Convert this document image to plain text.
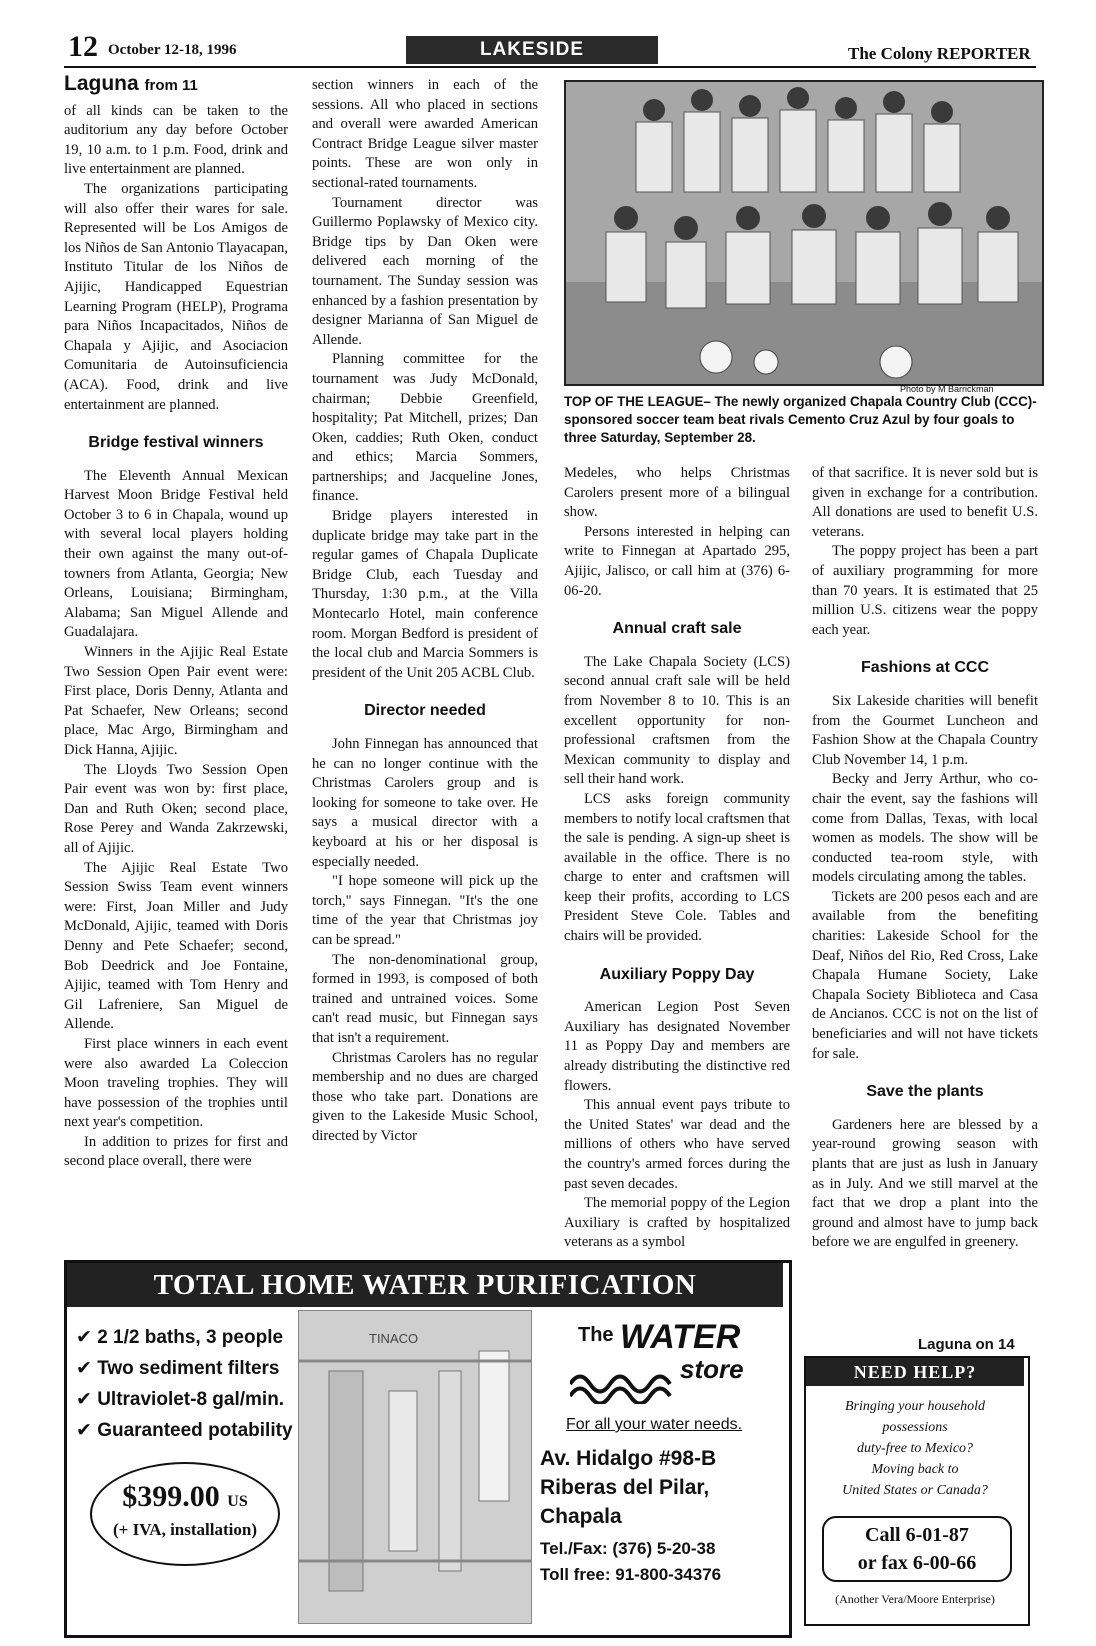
12 October 12-18, 1996	LAKESIDE	The Colony REPORTER
Laguna from 11

of all kinds can be taken to the auditorium any day before October 19, 10 a.m. to 1 p.m. Food, drink and live entertainment are planned.

The organizations participating will also offer their wares for sale. Represented will be Los Amigos de los Niños de San Antonio Tlayacapan, Instituto Titular de los Niños de Ajijic, Handicapped Equestrian Learning Program (HELP), Programa para Niños Incapacitados, Niños de Chapala y Ajijic, and Asociacion Comunitaria de Autoinsuficiencia (ACA). Food, drink and live entertainment are planned.

Bridge festival winners

The Eleventh Annual Mexican Harvest Moon Bridge Festival held October 3 to 6 in Chapala, wound up with several local players holding their own against the many out-of-towners from Atlanta, Georgia; New Orleans, Louisiana; Birmingham, Alabama; San Miguel Allende and Guadalajara.

Winners in the Ajijic Real Estate Two Session Open Pair event were: First place, Doris Denny, Atlanta and Pat Schaefer, New Orleans; second place, Mac Argo, Birmingham and Dick Hanna, Ajijic.

The Lloyds Two Session Open Pair event was won by: first place, Dan and Ruth Oken; second place, Rose Perey and Wanda Zakrzewski, all of Ajijic.

The Ajijic Real Estate Two Session Swiss Team event winners were: First, Joan Miller and Judy McDonald, Ajijic, teamed with Doris Denny and Pete Schaefer; second, Bob Deedrick and Joe Fontaine, Ajijic, teamed with Tom Henry and Gil Lafreniere, San Miguel de Allende.

First place winners in each event were also awarded La Coleccion Moon traveling trophies. They will have possession of the trophies until next year's competition.

In addition to prizes for first and second place overall, there were

section winners in each of the sessions. All who placed in sections and overall were awarded American Contract Bridge League silver master points. These are won only in sectional-rated tournaments.

Tournament director was Guillermo Poplawsky of Mexico city. Bridge tips by Dan Oken were delivered each morning of the tournament. The Sunday session was enhanced by a fashion presentation by designer Marianna of San Miguel de Allende.

Planning committee for the tournament was Judy McDonald, chairman; Debbie Greenfield, hospitality; Pat Mitchell, prizes; Dan Oken, caddies; Ruth Oken, conduct and ethics; Marcia Sommers, partnerships; and Jacqueline Jones, finance.

Bridge players interested in duplicate bridge may take part in the regular games of Chapala Duplicate Bridge Club, each Tuesday and Thursday, 1:30 p.m., at the Villa Montecarlo Hotel, main conference room. Morgan Bedford is president of the local club and Marcia Sommers is president of the Unit 205 ACBL Club.

Director needed

John Finnegan has announced that he can no longer continue with the Christmas Carolers group and is looking for someone to take over. He says a musical director with a keyboard at his or her disposal is especially needed.

"I hope someone will pick up the torch," says Finnegan. "It's the one time of the year that Christmas joy can be spread."

The non-denominational group, formed in 1993, is composed of both trained and untrained voices. Some can't read music, but Finnegan says that isn't a requirement.

Christmas Carolers has no regular membership and no dues are charged those who take part. Donations are given to the Lakeside Music School, directed by Victor

Photo by M Barrickman
TOP OF THE LEAGUE– The newly organized Chapala Country Club (CCC)-sponsored soccer team beat rivals Cemento Cruz Azul by four goals to three Saturday, September 28.

Medeles, who helps Christmas Carolers present more of a bilingual show.

Persons interested in helping can write to Finnegan at Apartado 295, Ajijic, Jalisco, or call him at (376) 6-06-20.

Annual craft sale

The Lake Chapala Society (LCS) second annual craft sale will be held from November 8 to 10. This is an excellent opportunity for non-professional craftsmen from the Mexican community to display and sell their hand work.

LCS asks foreign community members to notify local craftsmen that the sale is pending. A sign-up sheet is available in the office. There is no charge to enter and craftsmen will keep their profits, according to LCS President Steve Cole. Tables and chairs will be provided.

Auxiliary Poppy Day

American Legion Post Seven Auxiliary has designated November 11 as Poppy Day and members are already distributing the distinctive red flowers.

This annual event pays tribute to the United States' war dead and the millions of others who have served the country's armed forces during the past seven decades.

The memorial poppy of the Legion Auxiliary is crafted by hospitalized veterans as a symbol

of that sacrifice. It is never sold but is given in exchange for a contribution. All donations are used to benefit U.S. veterans.

The poppy project has been a part of auxiliary programming for more than 70 years. It is estimated that 25 million U.S. citizens wear the poppy each year.

Fashions at CCC

Six Lakeside charities will benefit from the Gourmet Luncheon and Fashion Show at the Chapala Country Club November 14, 1 p.m.

Becky and Jerry Arthur, who co-chair the event, say the fashions will come from Dallas, Texas, with local women as models. The show will be conducted tea-room style, with models circulating among the tables.

Tickets are 200 pesos each and are available from the benefiting charities: Lakeside School for the Deaf, Niños del Rio, Red Cross, Lake Chapala Humane Society, Lake Chapala Society Biblioteca and Casa de Ancianos. CCC is not on the list of beneficiaries and will not have tickets for sale.

Save the plants

Gardeners here are blessed by a year-round growing season with plants that are just as lush in January as in July. And we still marvel at the fact that we drop a plant into the ground and almost have to jump back before we are engulfed in greenery.

Laguna on 14
TOTAL HOME WATER PURIFICATION
✔ 2 1/2 baths, 3 people
✔ Two sediment filters
✔ Ultraviolet-8 gal/min.
✔ Guaranteed potability
$399.00 US
(+ IVA, installation)
TINACO	The WATER
store
For all your water needs.
Av. Hidalgo #98-B
Riberas del Pilar,
Chapala
Tel./Fax: (376) 5-20-38
Toll free: 91-800-34376
NEED HELP?
Bringing your household
possessions
duty-free to Mexico?
Moving back to
United States or Canada?
Call 6-01-87
or fax 6-00-66
(Another Vera/Moore Enterprise)
